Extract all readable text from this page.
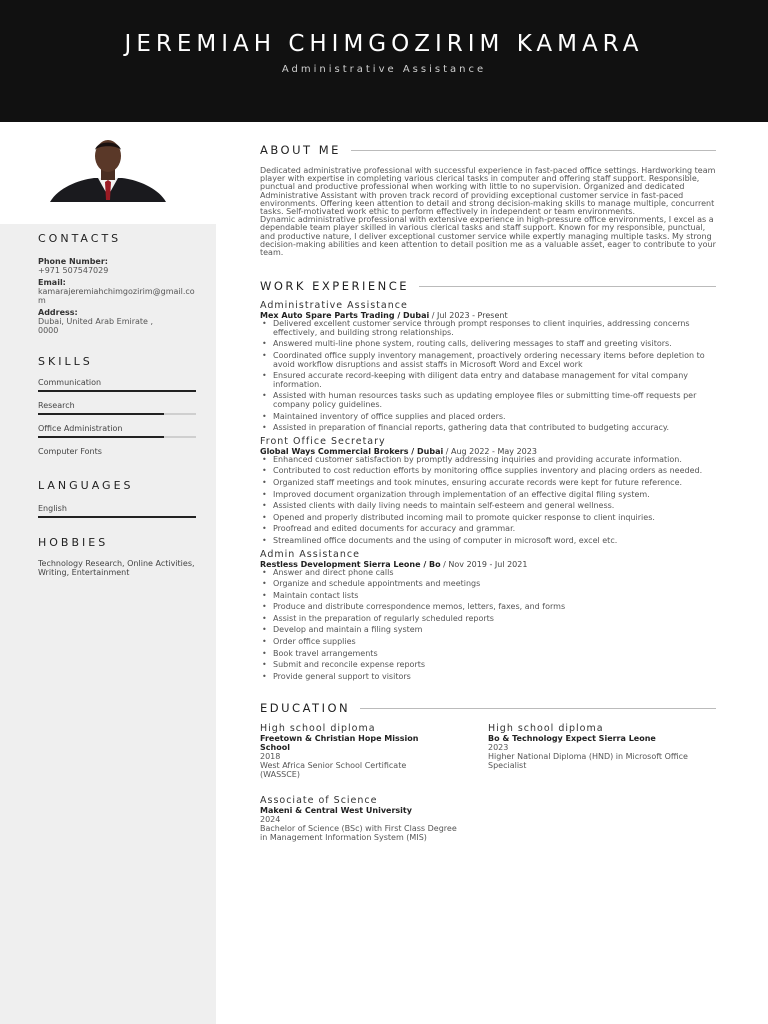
JEREMIAH CHIMGOZIRIM KAMARA
Administrative Assistance
CONTACTS
Phone Number:
+971 507547029
Email:
kamarajeremiahchimgozirim@gmail.com
Address:
Dubai, United Arab Emirate , 0000
SKILLS
Communication
Research
Office Administration
Computer Fonts
LANGUAGES
English
HOBBIES
Technology Research, Online Activities, Writing, Entertainment
ABOUT ME
Dedicated administrative professional with successful experience in fast-paced office settings. Hardworking team player with expertise in completing various clerical tasks in computer and offering staff support. Responsible, punctual and productive professional when working with little to no supervision. Organized and dedicated Administrative Assistant with proven track record of providing exceptional customer service in fast-paced environments. Offering keen attention to detail and strong decision-making skills to manage multiple, concurrent tasks. Self-motivated work ethic to perform effectively in independent or team environments.
Dynamic administrative professional with extensive experience in high-pressure office environments, I excel as a dependable team player skilled in various clerical tasks and staff support. Known for my responsible, punctual, and productive nature, I deliver exceptional customer service while expertly managing multiple tasks. My strong decision-making abilities and keen attention to detail position me as a valuable asset, eager to contribute to your team.
WORK EXPERIENCE
Administrative Assistance
Mex Auto Spare Parts Trading / Dubai / Jul 2023 - Present
• Delivered excellent customer service through prompt responses to client inquiries, addressing concerns effectively, and building strong relationships.
• Answered multi-line phone system, routing calls, delivering messages to staff and greeting visitors.
• Coordinated office supply inventory management, proactively ordering necessary items before depletion to avoid workflow disruptions and assist staffs in Microsoft Word and Excel work
• Ensured accurate record-keeping with diligent data entry and database management for vital company information.
• Assisted with human resources tasks such as updating employee files or submitting time-off requests per company policy guidelines.
• Maintained inventory of office supplies and placed orders.
• Assisted in preparation of financial reports, gathering data that contributed to budgeting accuracy.
Front Office Secretary
Global Ways Commercial Brokers / Dubai / Aug 2022 - May 2023
• Enhanced customer satisfaction by promptly addressing inquiries and providing accurate information.
• Contributed to cost reduction efforts by monitoring office supplies inventory and placing orders as needed.
• Organized staff meetings and took minutes, ensuring accurate records were kept for future reference.
• Improved document organization through implementation of an effective digital filing system.
• Assisted clients with daily living needs to maintain self-esteem and general wellness.
• Opened and properly distributed incoming mail to promote quicker response to client inquiries.
• Proofread and edited documents for accuracy and grammar.
• Streamlined office documents and the using of computer in microsoft word, excel etc.
Admin Assistance
Restless Development Sierra Leone / Bo / Nov 2019 - Jul 2021
• Answer and direct phone calls
• Organize and schedule appointments and meetings
• Maintain contact lists
• Produce and distribute correspondence memos, letters, faxes, and forms
• Assist in the preparation of regularly scheduled reports
• Develop and maintain a filing system
• Order office supplies
• Book travel arrangements
• Submit and reconcile expense reports
• Provide general support to visitors
EDUCATION
High school diploma
Freetown & Christian Hope Mission School
2018
West Africa Senior School Certificate (WASSCE)
High school diploma
Bo & Technology Expect Sierra Leone
2023
Higher National Diploma (HND) in Microsoft Office Specialist
Associate of Science
Makeni & Central West University
2024
Bachelor of Science (BSc) with First Class Degree in Management Information System (MIS)
